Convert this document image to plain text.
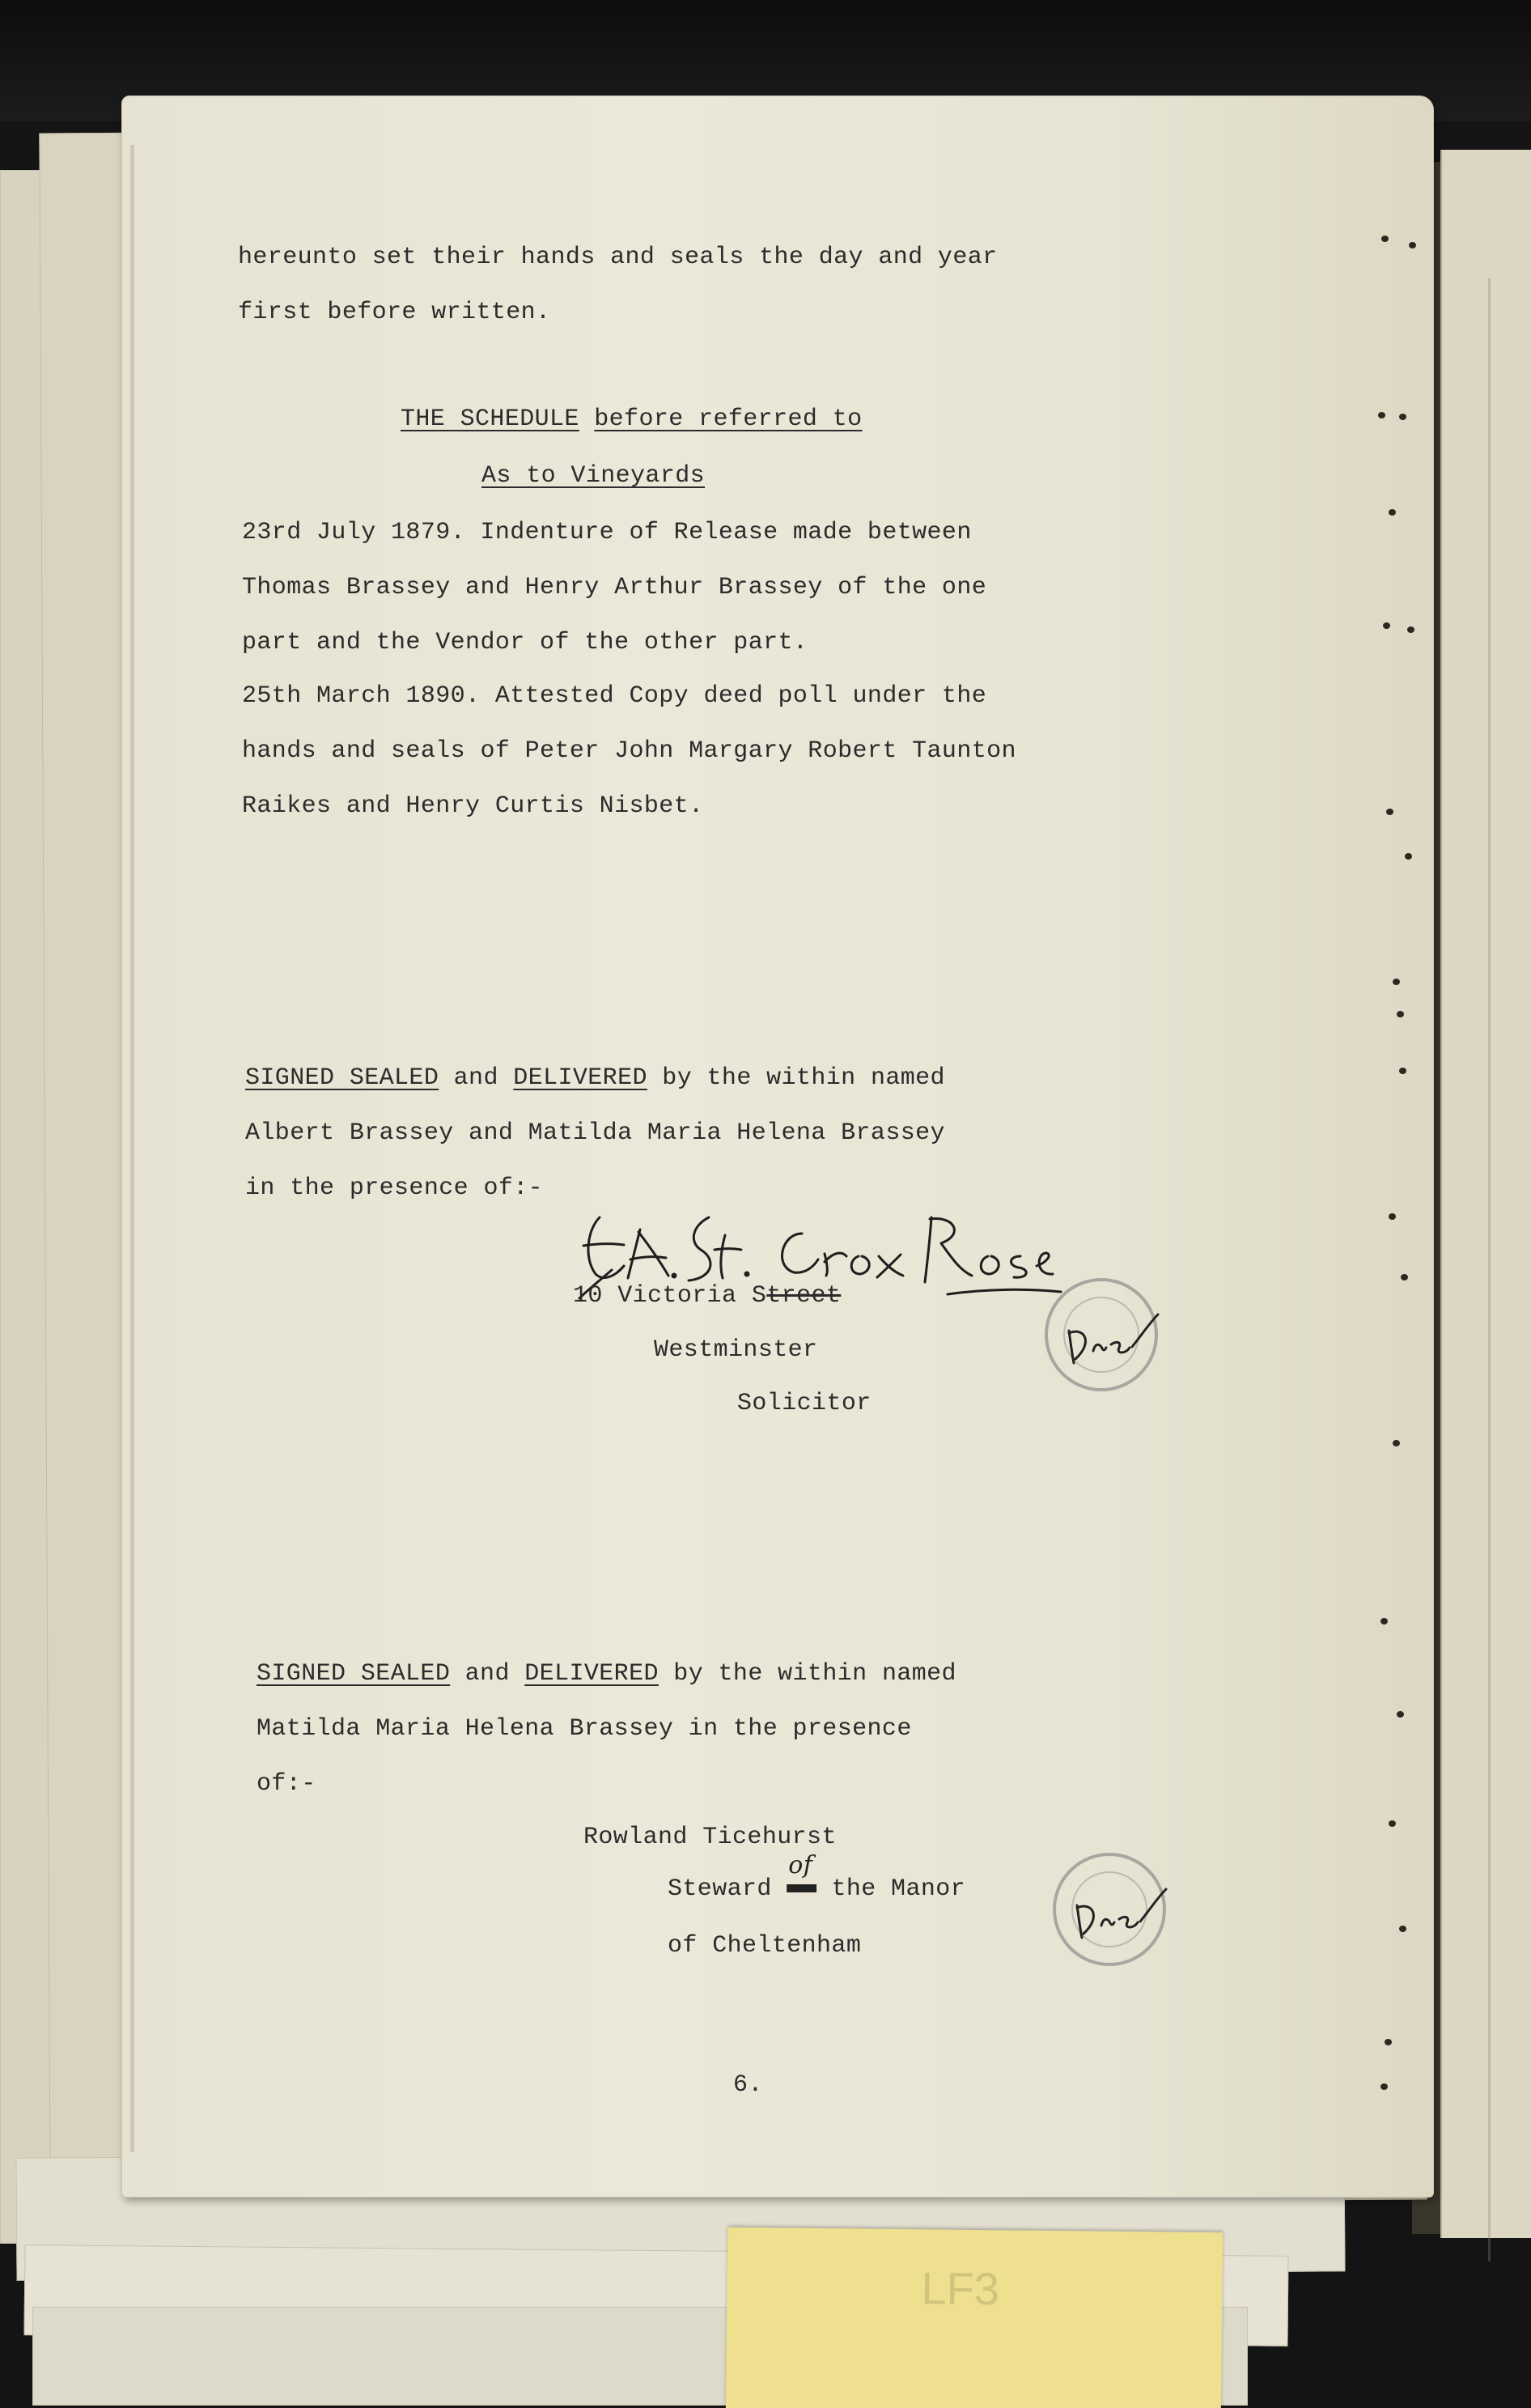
hereunto set their hands and seals the day and year

first before written.

THE SCHEDULE before referred to

As to Vineyards

23rd July 1879. Indenture of Release made between

Thomas Brassey and Henry Arthur Brassey of the one

part and the Vendor of the other part.

25th March 1890. Attested Copy deed poll under the

hands and seals of Peter John Margary Robert Taunton

Raikes and Henry Curtis Nisbet.

SIGNED SEALED and DELIVERED by the within named

Albert Brassey and Matilda Maria Helena Brassey

in the presence of:-

10 Victoria Street

Westminster

Solicitor

SIGNED SEALED and DELIVERED by the within named

Matilda Maria Helena Brassey in the presence

of:-

Rowland Ticehurst

Steward
of
the Manor

of Cheltenham

6.

LF3
